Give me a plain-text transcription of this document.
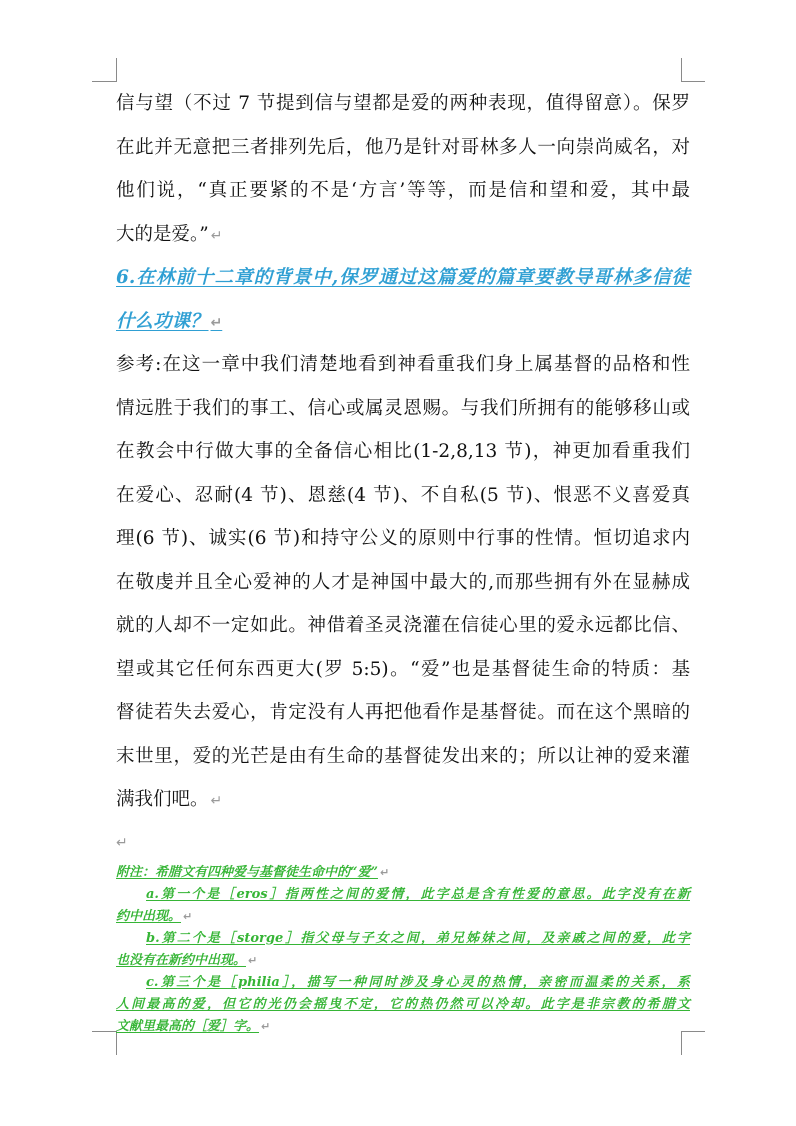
信与望（不过 7 节提到信与望都是爱的两种表现，值得留意）。保罗
在此并无意把三者排列先后，他乃是针对哥林多人一向崇尚威名，对
他们说，“真正要紧的不是‘方言’等等，而是信和望和爱，其中最
大的是爱。” ↵
6.在林前十二章的背景中,保罗通过这篇爱的篇章要教导哥林多信徒
什么功课？ ↵
参考:在这一章中我们清楚地看到神看重我们身上属基督的品格和性
情远胜于我们的事工、信心或属灵恩赐。与我们所拥有的能够移山或
在教会中行做大事的全备信心相比(1-2,8,13 节)，神更加看重我们
在爱心、忍耐(4 节)、恩慈(4 节)、不自私(5 节)、恨恶不义喜爱真
理(6 节)、诚实(6 节)和持守公义的原则中行事的性情。恒切追求内
在敬虔并且全心爱神的人才是神国中最大的,而那些拥有外在显赫成
就的人却不一定如此。神借着圣灵浇灌在信徒心里的爱永远都比信、
望或其它任何东西更大(罗 5:5)。“爱”也是基督徒生命的特质：基
督徒若失去爱心，肯定没有人再把他看作是基督徒。而在这个黑暗的
末世里，爱的光芒是由有生命的基督徒发出来的；所以让神的爱来灌
满我们吧。 ↵
↵
附注：希腊文有四种爱与基督徒生命中的“爱” ↵
a.第一个是［eros］指两性之间的爱情，此字总是含有性爱的意思。此字没有在新
约中出现。 ↵
b.第二个是［storge］指父母与子女之间，弟兄姊妹之间，及亲戚之间的爱，此字
也没有在新约中出现。 ↵
c.第三个是［philia］，描写一种同时涉及身心灵的热情，亲密而温柔的关系，系
人间最高的爱，但它的光仍会摇曳不定，它的热仍然可以冷却。此字是非宗教的希腊文
文献里最高的［爱］字。 ↵
